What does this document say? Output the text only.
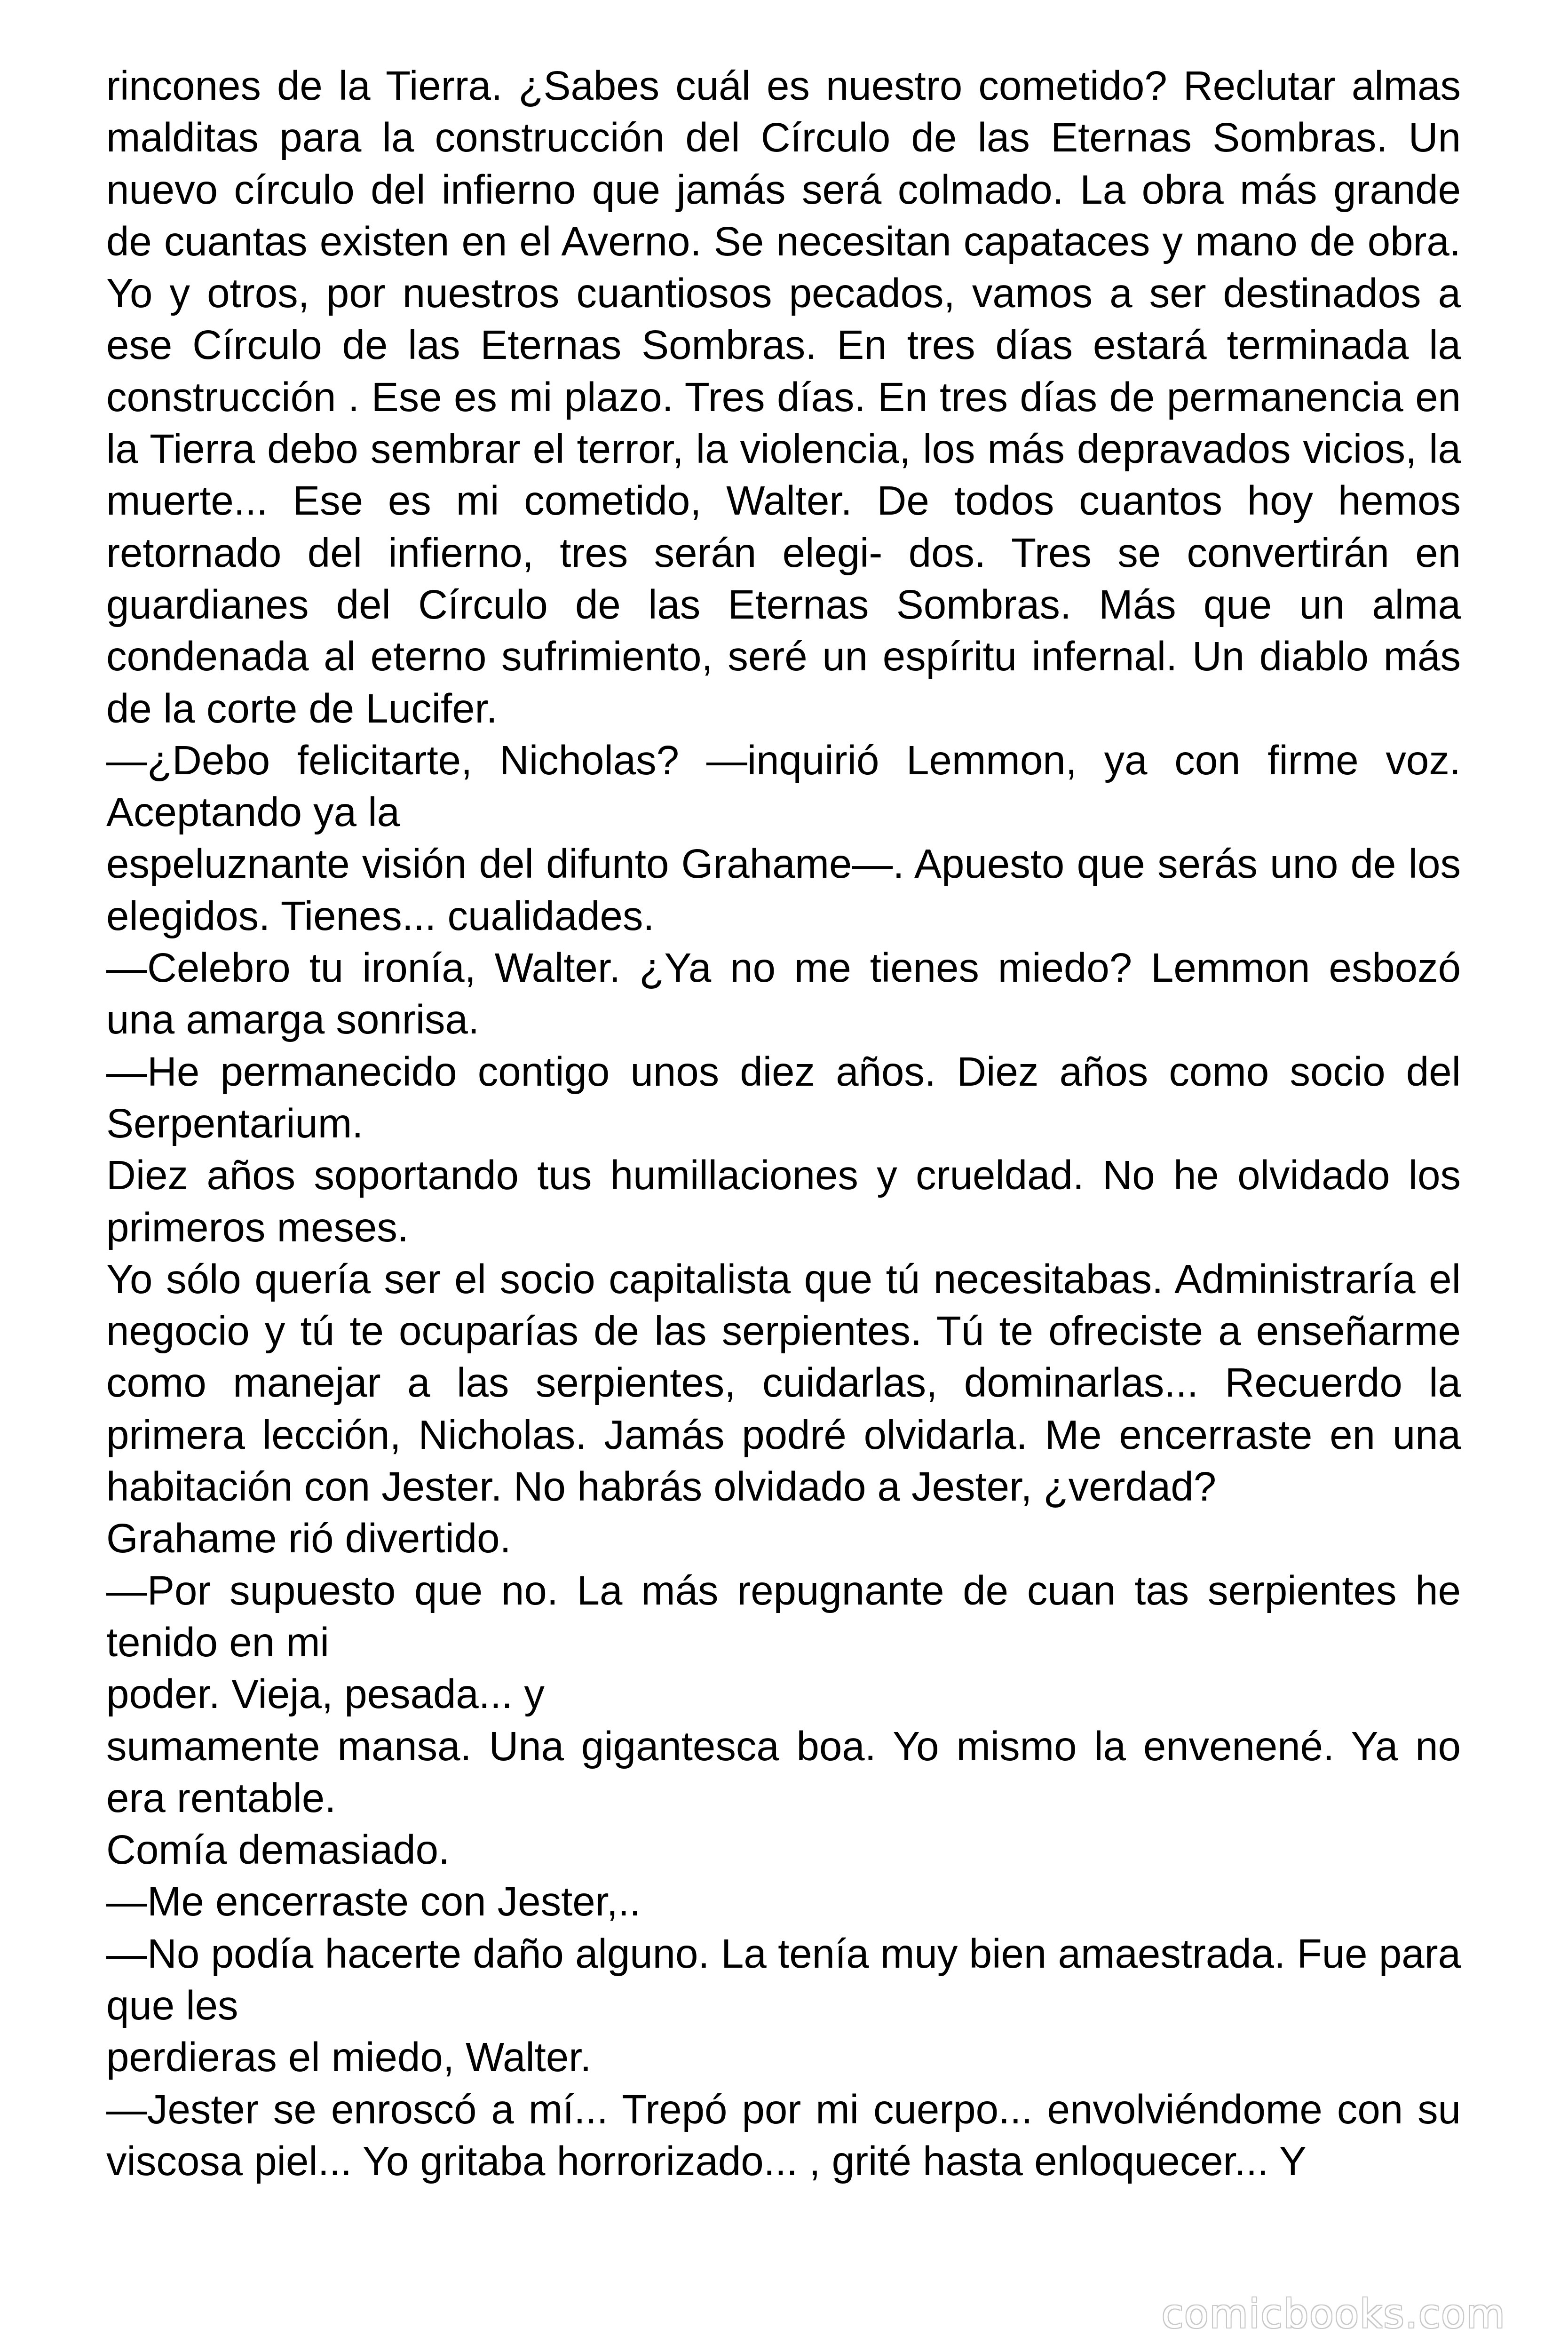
rincones de la Tierra. ¿Sabes cuál es nuestro cometido? Reclutar almas malditas para la construcción del Círculo de las Eternas Sombras. Un nuevo círculo del infierno que jamás será colmado. La obra más grande de cuantas existen en el Averno. Se necesitan capataces y mano de obra. Yo y otros, por nuestros cuantiosos pecados, vamos a ser destinados a ese Círculo de las Eternas Sombras. En tres días estará terminada la construcción . Ese es mi plazo. Tres días. En tres días de permanencia en la Tierra debo sembrar el terror, la violencia, los más depravados vicios, la muerte... Ese es mi cometido, Walter. De todos cuantos hoy hemos retornado del infierno, tres serán elegi- dos. Tres se convertirán en guardianes del Círculo de las Eternas Sombras. Más que un alma condenada al eterno sufrimiento, seré un espíritu infernal. Un diablo más de la corte de Lucifer.

—¿Debo felicitarte, Nicholas? —inquirió Lemmon, ya con firme voz. Aceptando ya la

espeluznante visión del difunto Grahame—. Apuesto que serás uno de los elegidos. Tienes... cualidades.

—Celebro tu ironía, Walter. ¿Ya no me tienes miedo? Lemmon esbozó una amarga sonrisa.

—He permanecido contigo unos diez años. Diez años como socio del Serpentarium.

Diez años soportando tus humillaciones y crueldad. No he olvidado los primeros meses.

Yo sólo quería ser el socio capitalista que tú necesitabas. Administraría el negocio y tú te ocuparías de las serpientes. Tú te ofreciste a enseñarme como manejar a las serpientes, cuidarlas, dominarlas... Recuerdo la primera lección, Nicholas. Jamás podré olvidarla. Me encerraste en una habitación con Jester. No habrás olvidado a Jester, ¿verdad?

Grahame rió divertido.

—Por supuesto que no. La más repugnante de cuan tas serpientes he tenido en mi

poder. Vieja, pesada... y

sumamente mansa. Una gigantesca boa. Yo mismo la envenené. Ya no era rentable.

Comía demasiado.

—Me encerraste con Jester,..

—No podía hacerte daño alguno. La tenía muy bien amaestrada. Fue para que les

perdieras el miedo, Walter.

—Jester se enroscó a mí... Trepó por mi cuerpo... envolviéndome con su viscosa piel... Yo gritaba horrorizado... , grité hasta enloquecer... Y

comicbooks.com
